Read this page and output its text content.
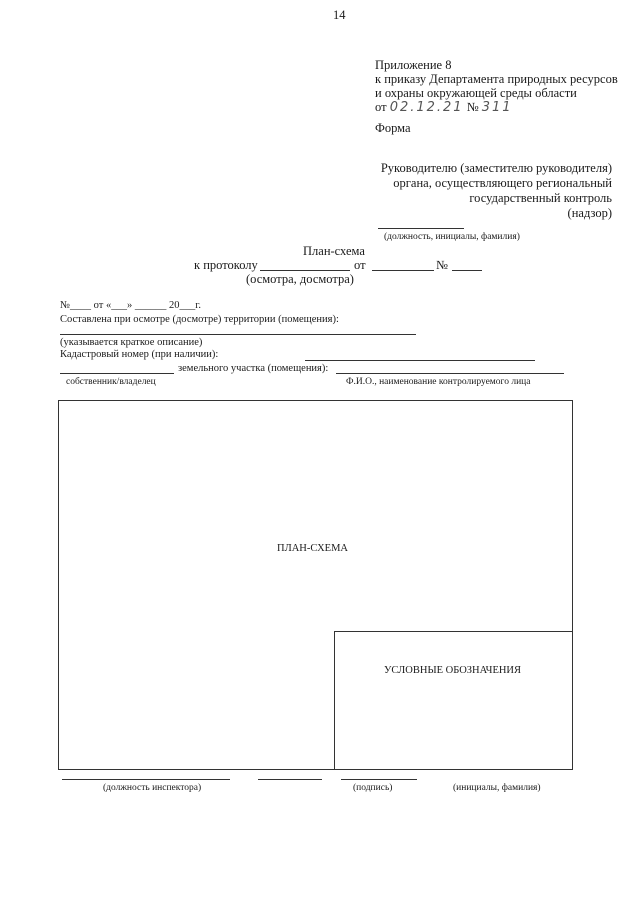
14
Приложение 8
к приказу Департамента природных ресурсов
и охраны окружающей среды области
от 02.12.21 № 311
Форма
Руководителю (заместителю руководителя)
органа, осуществляющего региональный
государственный контроль
(надзор)
(должность, инициалы, фамилия)
План-схема
к протоколу	от	№
(осмотра, досмотра)
№____ от «___» ______ 20___г.
Составлена при осмотре (досмотре) территории (помещения):
(указывается краткое описание)
Кадастровый номер (при наличии):
земельного участка (помещения):
собственник/владелец	Ф.И.О., наименование контролируемого лица
ПЛАН-СХЕМА
УСЛОВНЫЕ ОБОЗНАЧЕНИЯ
(должность инспектора)	(подпись)	(инициалы, фамилия)
